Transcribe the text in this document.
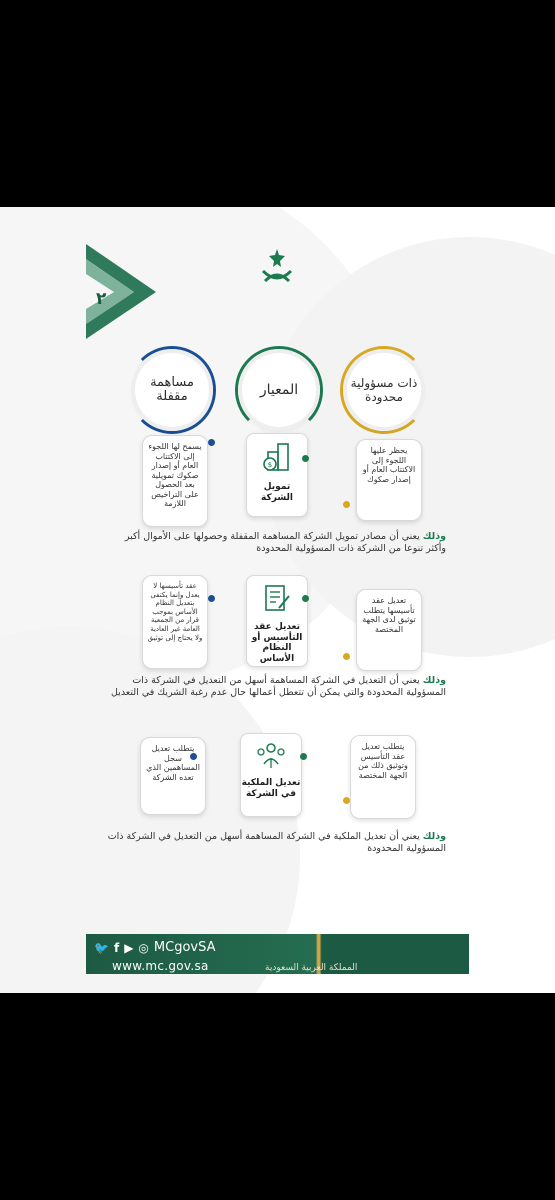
٢
ذات مسؤولية محدودة
المعيار
مساهمة مقفلة
يحظر عليها اللجوء إلى الاكتتاب العام أو إصدار صكوك
$
تمويل الشركة
يسمح لها اللجوء إلى الاكتتاب العام أو إصدار صكوك تمويلية بعد الحصول على التراخيص اللازمة
وذلك يعني أن مصادر تمويل الشركة المساهمة المقفلة وحصولها على الأموال أكبر وأكثر تنوعا من الشركة ذات المسؤولية المحدودة
تعديل عقد تأسيسها يتطلب توثيق لدى الجهة المختصة
تعديل عقد التأسيس أو النظام الأساس
عقد تأسيسها لا يعدل وإنما يكتفى بتعديل النظام الأساس بموجب قرار من الجمعية العامة غير العادية ولا يحتاج إلى توثيق
وذلك يعني أن التعديل في الشركة المساهمة أسهل من التعديل في الشركة ذات المسؤولية المحدودة والتي يمكن أن تتعطل أعمالها حال عدم رغبة الشريك في التعديل
يتطلب تعديل عقد التأسيس وتوثيق ذلك من الجهة المختصة
تعديل الملكية في الشركة
يتطلب تعديل سجل المساهمين الذي تعده الشركة
وذلك يعني أن تعديل الملكية في الشركة المساهمة أسهل من التعديل في الشركة ذات المسؤولية المحدودة
🐦 f ▶ ◎ MCgovSA
www.mc.gov.sa	المملكة العربية السعودية
